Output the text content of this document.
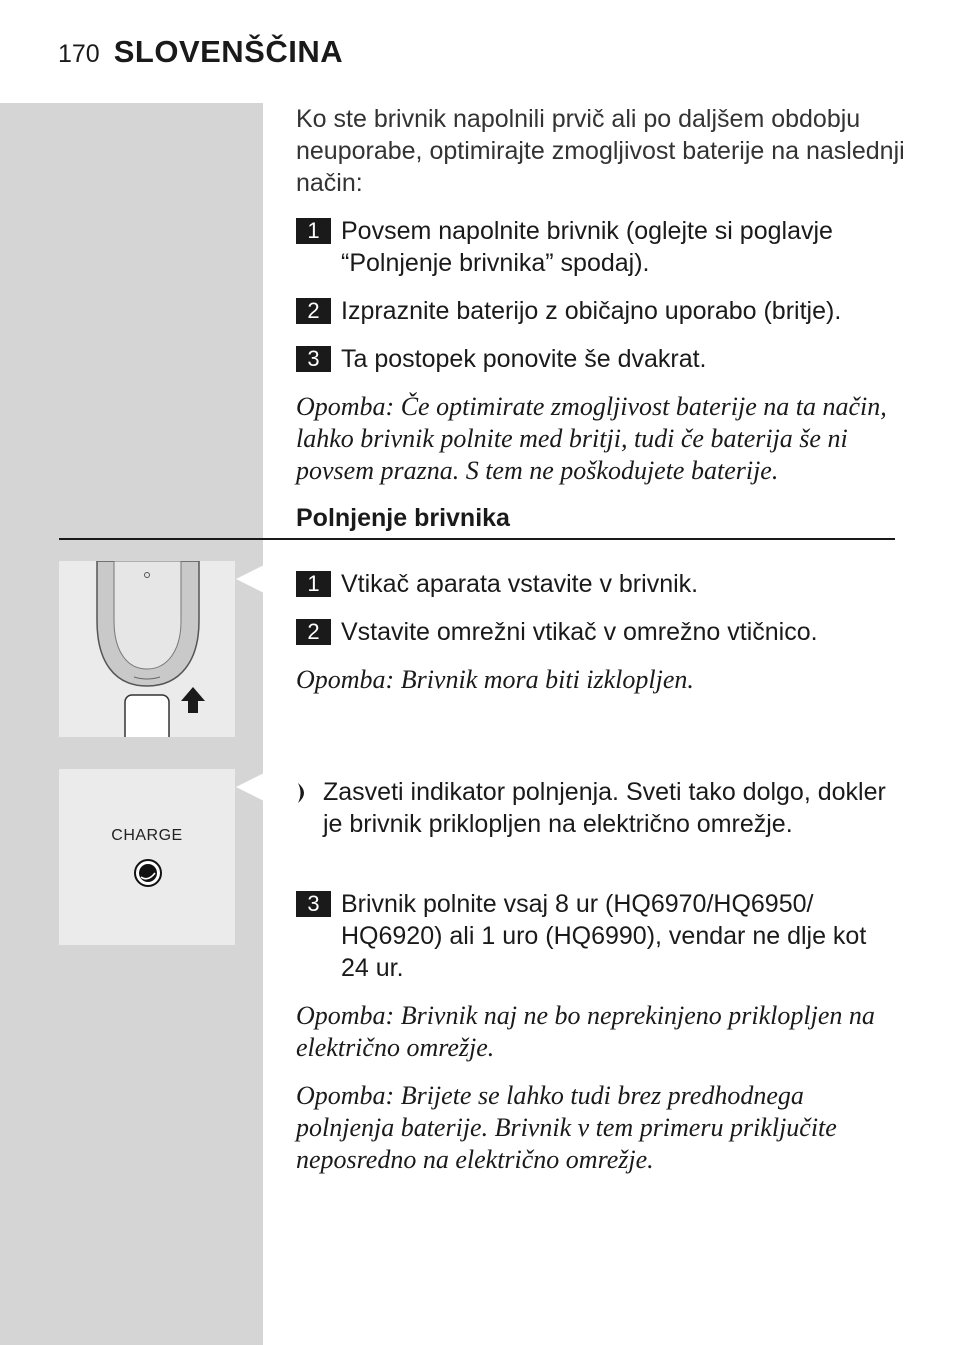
170 SLOVENŠČINA
Ko ste brivnik napolnili prvič ali po daljšem obdobju neuporabe, optimirajte zmogljivost baterije na naslednji način:
1 Povsem napolnite brivnik (oglejte si poglavje “Polnjenje brivnika” spodaj).
2 Izpraznite baterijo z običajno uporabo (britje).
3 Ta postopek ponovite še dvakrat.
Opomba: Če optimirate zmogljivost baterije na ta način, lahko brivnik polnite med britji, tudi če baterija še ni povsem prazna. S tem ne poškodujete baterije.
Polnjenje brivnika
1 Vtikač aparata vstavite v brivnik.
2 Vstavite omrežni vtikač v omrežno vtičnico.
Opomba: Brivnik mora biti izklopljen.
CHARGE
Zasveti indikator polnjenja. Sveti tako dolgo, dokler je brivnik priklopljen na električno omrežje.
3 Brivnik polnite vsaj 8 ur (HQ6970/HQ6950/ HQ6920) ali 1 uro (HQ6990), vendar ne dlje kot 24 ur.
Opomba: Brivnik naj ne bo neprekinjeno priklopljen na električno omrežje.
Opomba: Brijete se lahko tudi brez predhodnega polnjenja baterije. Brivnik v tem primeru priključite neposredno na električno omrežje.
